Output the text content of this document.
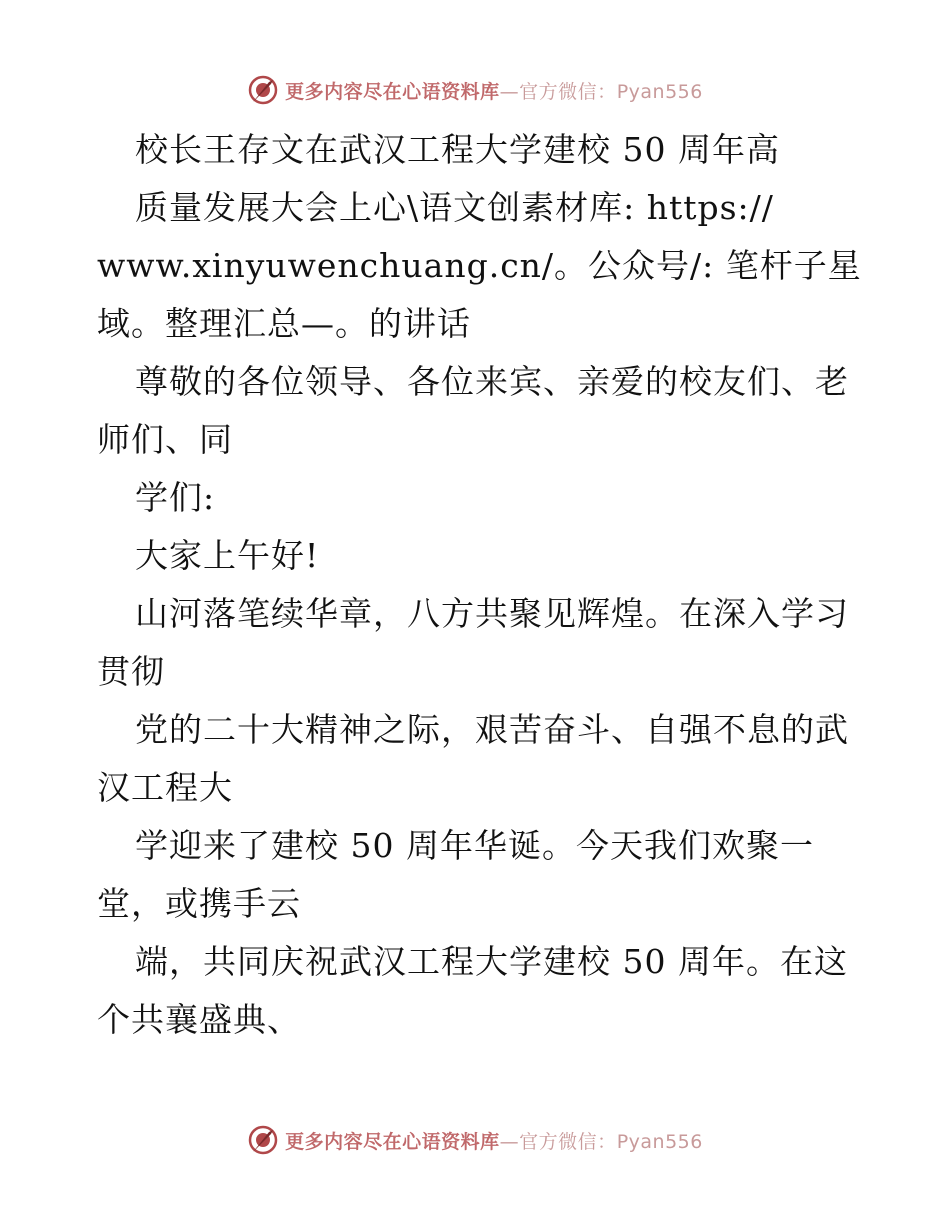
更多内容尽在心语资料库—官方微信：Pyan556
校长王存文在武汉工程大学建校 50 周年高
质量发展大会上心\语文创素材库: https://
www.xinyuwenchuang.cn/。公众号/: 笔杆子星
域。整理汇总—。的讲话
尊敬的各位领导、各位来宾、亲爱的校友们、老
师们、同
学们:
大家上午好!
山河落笔续华章，八方共聚见辉煌。在深入学习
贯彻
党的二十大精神之际，艰苦奋斗、自强不息的武
汉工程大
学迎来了建校 50 周年华诞。今天我们欢聚一
堂，或携手云
端，共同庆祝武汉工程大学建校 50 周年。在这
个共襄盛典、
更多内容尽在心语资料库—官方微信：Pyan556
